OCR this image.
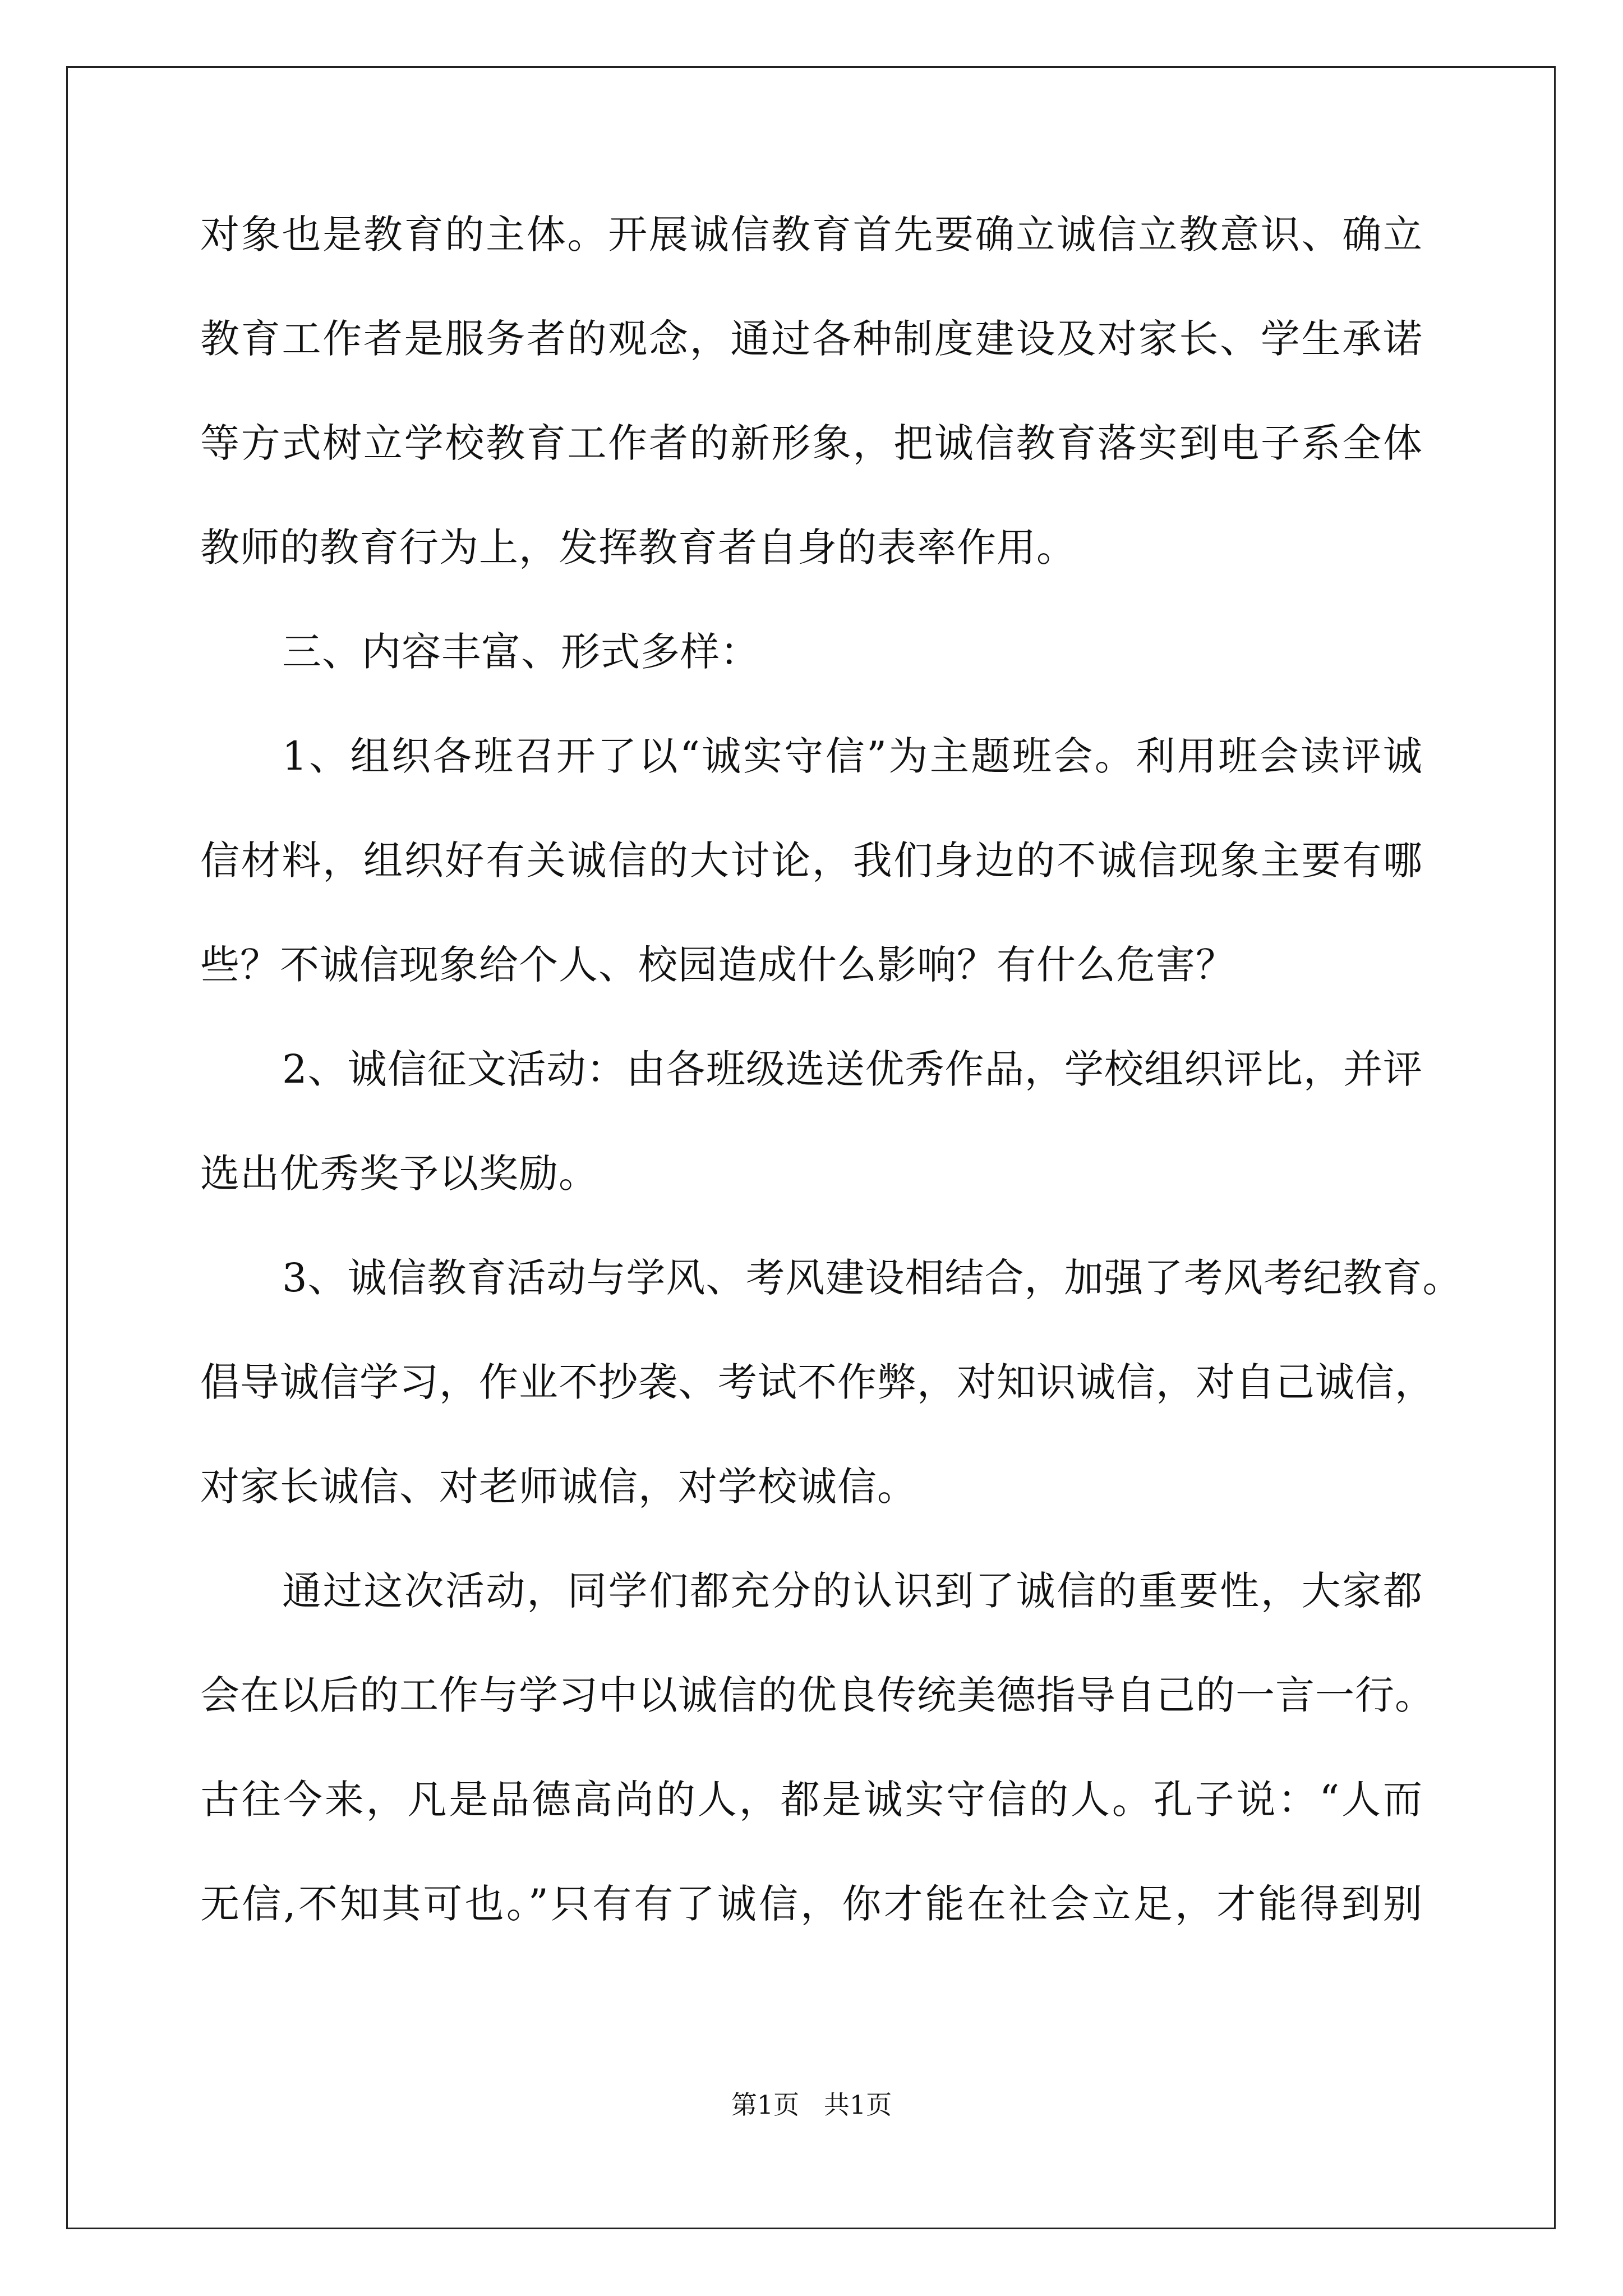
对象也是教育的主体。开展诚信教育首先要确立诚信立教意识、确立
教育工作者是服务者的观念，通过各种制度建设及对家长、学生承诺
等方式树立学校教育工作者的新形象，把诚信教育落实到电子系全体
教师的教育行为上，发挥教育者自身的表率作用。
三、内容丰富、形式多样：
1、组织各班召开了以“诚实守信”为主题班会。利用班会读评诚
信材料，组织好有关诚信的大讨论，我们身边的不诚信现象主要有哪
些？不诚信现象给个人、校园造成什么影响？有什么危害？
2、诚信征文活动：由各班级选送优秀作品，学校组织评比，并评
选出优秀奖予以奖励。
3、诚信教育活动与学风、考风建设相结合，加强了考风考纪教育。
倡导诚信学习，作业不抄袭、考试不作弊，对知识诚信，对自己诚信，
对家长诚信、对老师诚信，对学校诚信。
通过这次活动，同学们都充分的认识到了诚信的重要性，大家都
会在以后的工作与学习中以诚信的优良传统美德指导自己的一言一行。
古往今来，凡是品德高尚的人，都是诚实守信的人。孔子说：“人而
无信,不知其可也。”只有有了诚信，你才能在社会立足，才能得到别
第1页   共1页
